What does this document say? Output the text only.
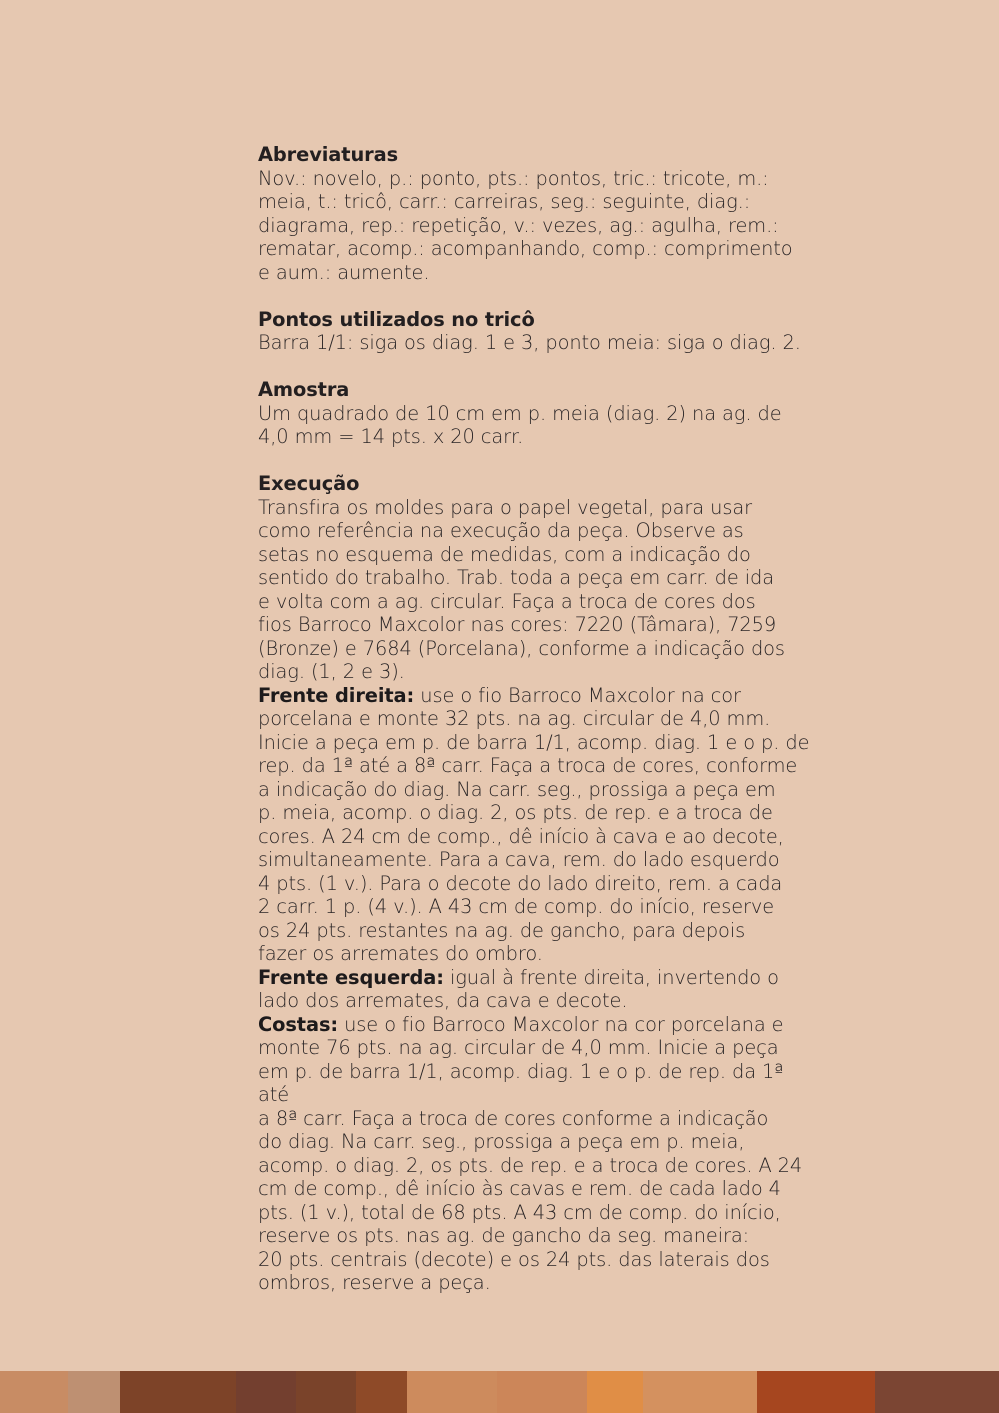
Abreviaturas

Nov.: novelo, p.: ponto, pts.: pontos, tric.: tricote, m.:
meia, t.: tricô, carr.: carreiras, seg.: seguinte, diag.:
diagrama, rep.: repetição, v.: vezes, ag.: agulha, rem.:
rematar, acomp.: acompanhando, comp.: comprimento
e aum.: aumente.

Pontos utilizados no tricô

Barra 1/1: siga os diag. 1 e 3, ponto meia: siga o diag. 2.

Amostra

Um quadrado de 10 cm em p. meia (diag. 2) na ag. de
4,0 mm = 14 pts. x 20 carr.

Execução

Transfira os moldes para o papel vegetal, para usar
como referência na execução da peça. Observe as
setas no esquema de medidas, com a indicação do
sentido do trabalho. Trab. toda a peça em carr. de ida
e volta com a ag. circular. Faça a troca de cores dos
fios Barroco Maxcolor nas cores: 7220 (Tâmara), 7259
(Bronze) e 7684 (Porcelana), conforme a indicação dos
diag. (1, 2 e 3).

Frente direita: use o fio Barroco Maxcolor na cor
porcelana e monte 32 pts. na ag. circular de 4,0 mm.
Inicie a peça em p. de barra 1/1, acomp. diag. 1 e o p. de
rep. da 1ª até a 8ª carr. Faça a troca de cores, conforme
a indicação do diag. Na carr. seg., prossiga a peça em
p. meia, acomp. o diag. 2, os pts. de rep. e a troca de
cores. A 24 cm de comp., dê início à cava e ao decote,
simultaneamente. Para a cava, rem. do lado esquerdo
4 pts. (1 v.). Para o decote do lado direito, rem. a cada
2 carr. 1 p. (4 v.). A 43 cm de comp. do início, reserve
os 24 pts. restantes na ag. de gancho, para depois
fazer os arremates do ombro.

Frente esquerda: igual à frente direita, invertendo o
lado dos arremates, da cava e decote.

Costas: use o fio Barroco Maxcolor na cor porcelana e
monte 76 pts. na ag. circular de 4,0 mm. Inicie a peça
em p. de barra 1/1, acomp. diag. 1 e o p. de rep. da 1ª até
a 8ª carr. Faça a troca de cores conforme a indicação
do diag. Na carr. seg., prossiga a peça em p. meia,
acomp. o diag. 2, os pts. de rep. e a troca de cores. A 24
cm de comp., dê início às cavas e rem. de cada lado 4
pts. (1 v.), total de 68 pts. A 43 cm de comp. do início,
reserve os pts. nas ag. de gancho da seg. maneira:
20 pts. centrais (decote) e os 24 pts. das laterais dos
ombros, reserve a peça.
